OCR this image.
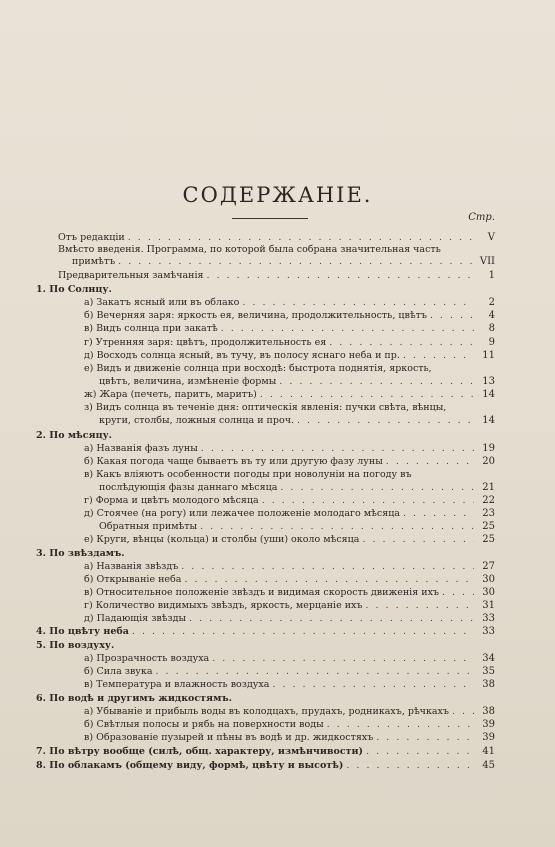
СОДЕРЖАНІЕ.
Стр.
Отъ редакціи . . .	V
Вмѣсто введенія. Программа, по которой была собрана значительная часть
примѣтъ . . .	VII
Предварительныя замѣчанія . . .	1
1. По Солнцу.
а) Закатъ ясный или въ облако . . .	2
б) Вечерняя заря: яркость ея, величина, продолжительность, цвѣтъ . . .	4
в) Видъ солнца при закатѣ . . .	8
г) Утренняя заря: цвѣтъ, продолжительность ея . . .	9
д) Восходъ солнца ясный, въ тучу, въ полосу яснаго неба и пр. . . .	11
е) Видъ и движеніе солнца при восходѣ: быстрота поднятія, яркость,
цвѣтъ, величина, измѣненіе формы . . .	13
ж) Жара (печеть, паритъ, маритъ) . . .	14
з) Видъ солнца въ теченіе дня: оптическія явленія: пучки свѣта, вѣнцы,
круги, столбы, ложныя солнца и проч. . . .	14
2. По мѣсяцу.
а) Названія фазъ луны . . .	19
б) Какая погода чаще бываетъ въ ту или другую фазу луны . . .	20
в) Какъ вліяютъ особенности погоды при новолуніи на погоду въ
послѣдующія фазы даннаго мѣсяца . . .	21
г) Форма и цвѣтъ молодого мѣсяца . . .	22
д) Стоячее (на рогу) или лежачее положеніе молодаго мѣсяца . . .	23
Обратныя примѣты . . .	25
е) Круги, вѣнцы (кольца) и столбы (уши) около мѣсяца . . .	25
3. По звѣздамъ.
а) Названія звѣздъ . . .	27
б) Открываніе неба . . .	30
в) Относительное положеніе звѣздъ и видимая скорость движенія ихъ . . .	30
г) Количество видимыхъ звѣздъ, яркость, мерцаніе ихъ . . .	31
д) Падающія звѣзды . . .	33
4. По цвѣту неба . . .	33
5. По воздуху.
а) Прозрачность воздуха . . .	34
б) Сила звука . . .	35
в) Температура и влажность воздуха . . .	38
6. По водѣ и другимъ жидкостямъ.
а) Убываніе и прибыль воды въ колодцахъ, прудахъ, родникахъ, рѣчкахъ . . .	38
б) Свѣтлыя полосы и рябь на поверхности воды . . .	39
в) Образованіе пузырей и пѣны въ водѣ и др. жидкостяхъ . . .	39
7. По вѣтру вообще (силѣ, общ. характеру, измѣнчивости) . . .	41
8. По облакамъ (общему виду, формѣ, цвѣту и высотѣ) . . .	45
